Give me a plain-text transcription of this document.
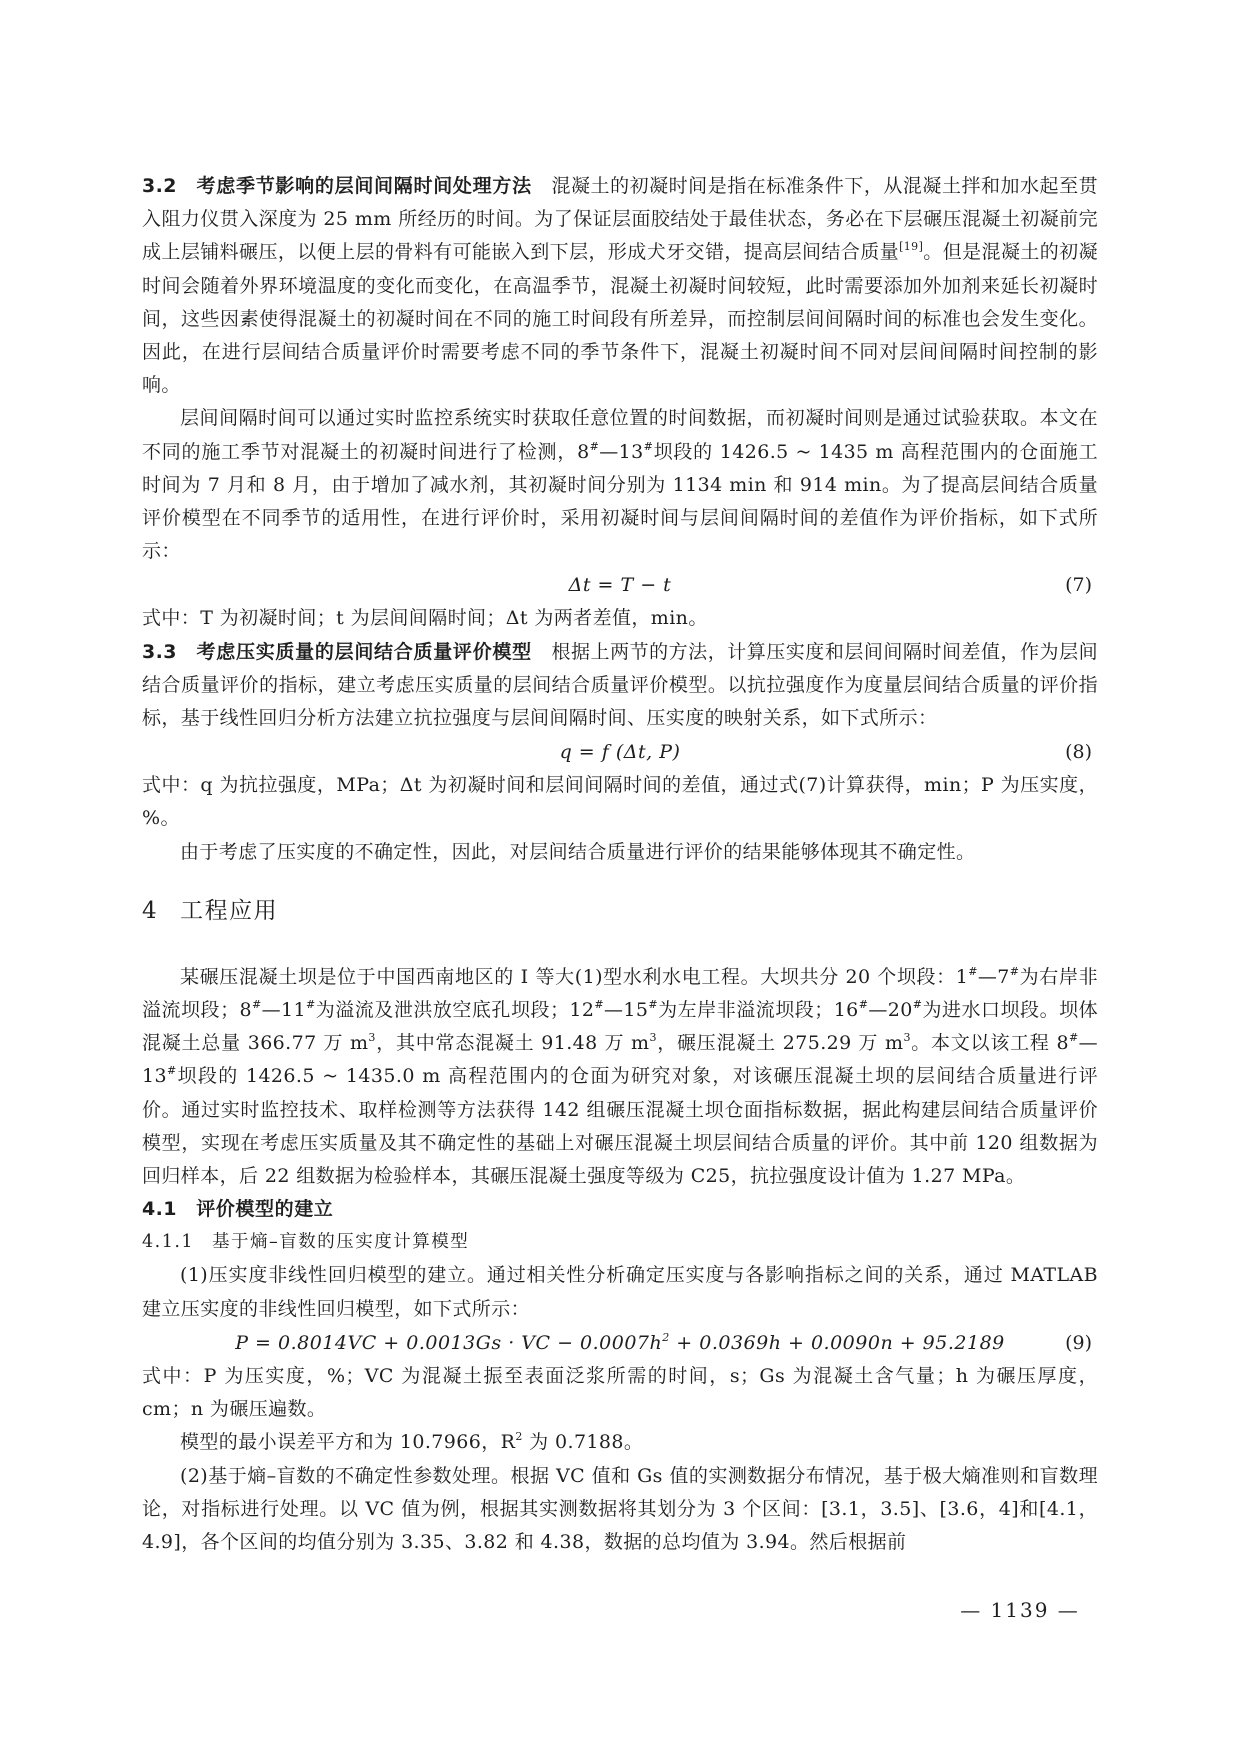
3.2 考虑季节影响的层间间隔时间处理方法 混凝土的初凝时间是指在标准条件下，从混凝土拌和加水起至贯入阻力仪贯入深度为 25 mm 所经历的时间。为了保证层面胶结处于最佳状态，务必在下层碾压混凝土初凝前完成上层铺料碾压，以便上层的骨料有可能嵌入到下层，形成犬牙交错，提高层间结合质量[19]。但是混凝土的初凝时间会随着外界环境温度的变化而变化，在高温季节，混凝土初凝时间较短，此时需要添加外加剂来延长初凝时间，这些因素使得混凝土的初凝时间在不同的施工时间段有所差异，而控制层间间隔时间的标准也会发生变化。因此，在进行层间结合质量评价时需要考虑不同的季节条件下，混凝土初凝时间不同对层间间隔时间控制的影响。

层间间隔时间可以通过实时监控系统实时获取任意位置的时间数据，而初凝时间则是通过试验获取。本文在不同的施工季节对混凝土的初凝时间进行了检测，8#—13#坝段的 1426.5 ~ 1435 m 高程范围内的仓面施工时间为 7 月和 8 月，由于增加了减水剂，其初凝时间分别为 1134 min 和 914 min。为了提高层间结合质量评价模型在不同季节的适用性，在进行评价时，采用初凝时间与层间间隔时间的差值作为评价指标，如下式所示：

Δt = T − t	(7)

式中：T 为初凝时间；t 为层间间隔时间；Δt 为两者差值，min。

3.3 考虑压实质量的层间结合质量评价模型 根据上两节的方法，计算压实度和层间间隔时间差值，作为层间结合质量评价的指标，建立考虑压实质量的层间结合质量评价模型。以抗拉强度作为度量层间结合质量的评价指标，基于线性回归分析方法建立抗拉强度与层间间隔时间、压实度的映射关系，如下式所示：

q = f (Δt, P)	(8)

式中：q 为抗拉强度，MPa；Δt 为初凝时间和层间间隔时间的差值，通过式(7)计算获得，min；P 为压实度，%。

由于考虑了压实度的不确定性，因此，对层间结合质量进行评价的结果能够体现其不确定性。

4 工程应用

某碾压混凝土坝是位于中国西南地区的 Ⅰ 等大(1)型水利水电工程。大坝共分 20 个坝段：1#—7#为右岸非溢流坝段；8#—11#为溢流及泄洪放空底孔坝段；12#—15#为左岸非溢流坝段；16#—20#为进水口坝段。坝体混凝土总量 366.77 万 $m^3$，其中常态混凝土 91.48 万 $m^3$，碾压混凝土 275.29 万 $m^3$。本文以该工程 8#—13#坝段的 1426.5 ~ 1435.0 m 高程范围内的仓面为研究对象，对该碾压混凝土坝的层间结合质量进行评价。通过实时监控技术、取样检测等方法获得 142 组碾压混凝土坝仓面指标数据，据此构建层间结合质量评价模型，实现在考虑压实质量及其不确定性的基础上对碾压混凝土坝层间结合质量的评价。其中前 120 组数据为回归样本，后 22 组数据为检验样本，其碾压混凝土强度等级为 C25，抗拉强度设计值为 1.27 MPa。

4.1 评价模型的建立

4.1.1 基于熵–盲数的压实度计算模型

(1)压实度非线性回归模型的建立。通过相关性分析确定压实度与各影响指标之间的关系，通过 MATLAB 建立压实度的非线性回归模型，如下式所示：

P = 0.8014VC + 0.0013Gs · VC − $0.0007h^2 + 0.0369h + 0.0090n + 95.2189$	(9)

式中：P 为压实度，%；VC 为混凝土振至表面泛浆所需的时间，s；Gs 为混凝土含气量；h 为碾压厚度，cm；n 为碾压遍数。

模型的最小误差平方和为 10.7966，$R^2$ 为 0.7188。

(2)基于熵–盲数的不确定性参数处理。根据 VC 值和 Gs 值的实测数据分布情况，基于极大熵准则和盲数理论，对指标进行处理。以 VC 值为例，根据其实测数据将其划分为 3 个区间：[3.1，3.5]、[3.6，4]和[4.1，4.9]，各个区间的均值分别为 3.35、3.82 和 4.38，数据的总均值为 3.94。然后根据前

— 1139 —
